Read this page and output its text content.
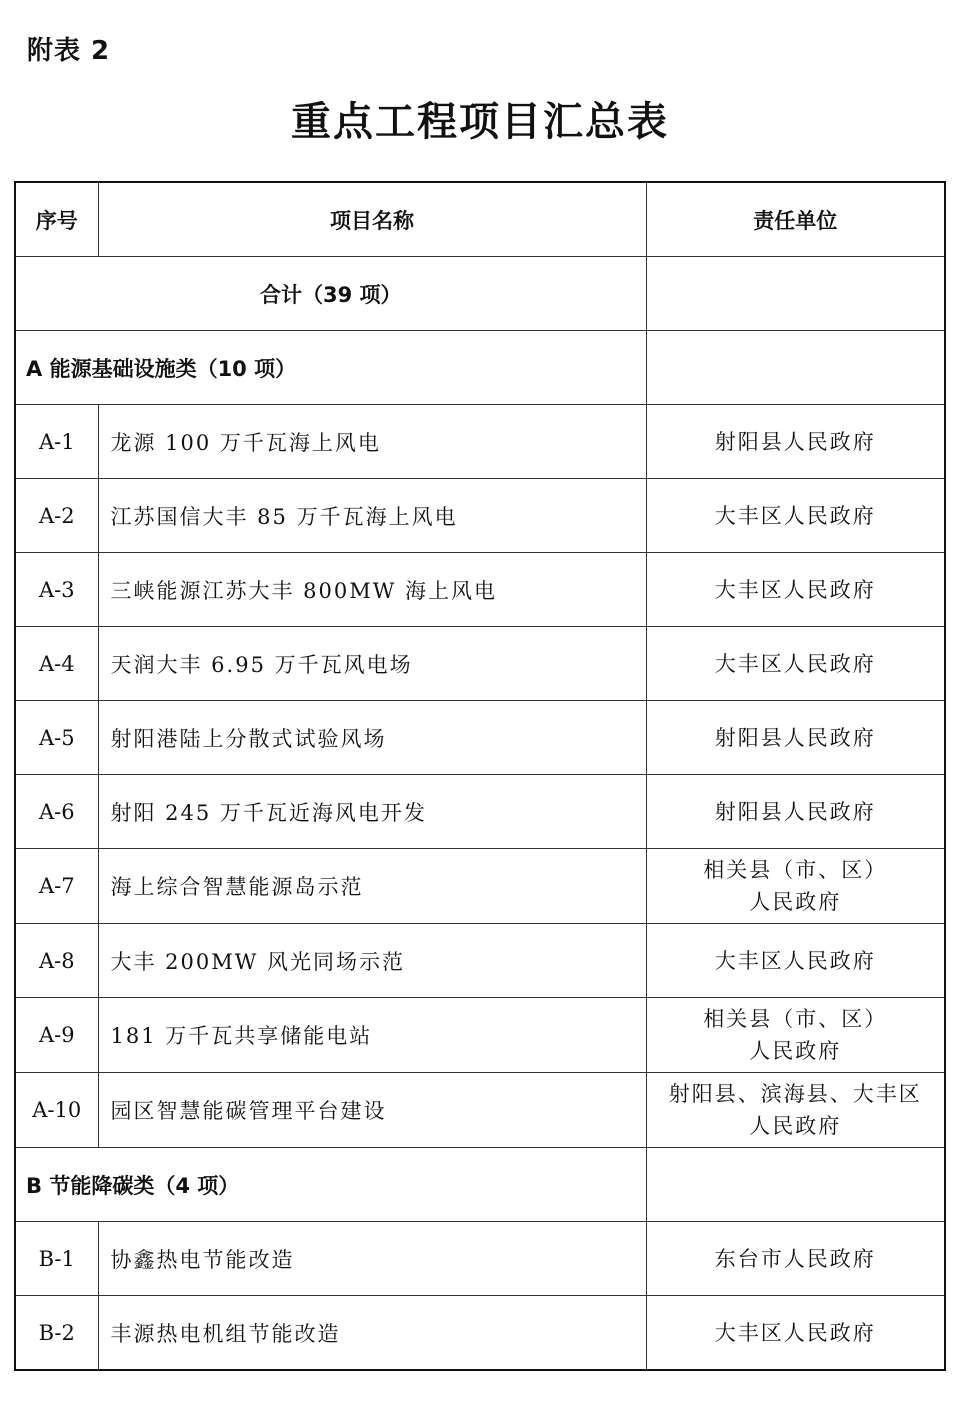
附表 2
重点工程项目汇总表
序号	项目名称	责任单位
合计（39 项）		
A 能源基础设施类（10 项）		
A-1	龙源 100 万千瓦海上风电	射阳县人民政府

A-2	江苏国信大丰 85 万千瓦海上风电	大丰区人民政府

A-3	三峡能源江苏大丰 800MW 海上风电	大丰区人民政府

A-4	天润大丰 6.95 万千瓦风电场	大丰区人民政府

A-5	射阳港陆上分散式试验风场	射阳县人民政府

A-6	射阳 245 万千瓦近海风电开发	射阳县人民政府

A-7	海上综合智慧能源岛示范	相关县（市、区）
人民政府

A-8	大丰 200MW 风光同场示范	大丰区人民政府

A-9	181 万千瓦共享储能电站	相关县（市、区）
人民政府

A-10	园区智慧能碳管理平台建设	射阳县、滨海县、大丰区
人民政府

B 节能降碳类（4 项）		
B-1	协鑫热电节能改造	东台市人民政府

B-2	丰源热电机组节能改造	大丰区人民政府
